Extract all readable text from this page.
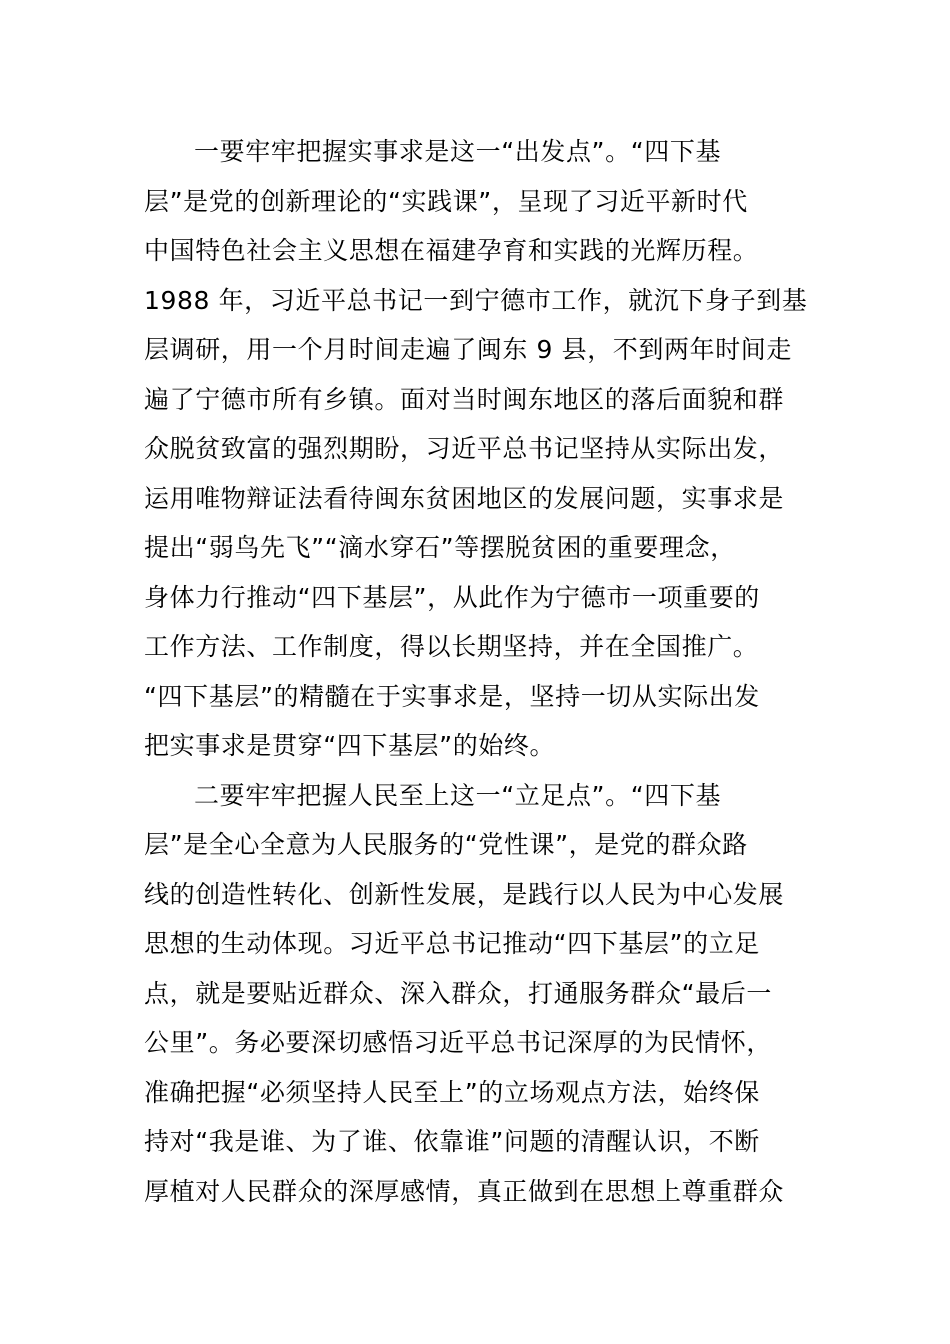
一要牢牢把握实事求是这一“出发点”。“四下基
层”是党的创新理论的“实践课”，呈现了习近平新时代
中国特色社会主义思想在福建孕育和实践的光辉历程。
1988 年，习近平总书记一到宁德市工作，就沉下身子到基
层调研，用一个月时间走遍了闽东 9 县，不到两年时间走
遍了宁德市所有乡镇。面对当时闽东地区的落后面貌和群
众脱贫致富的强烈期盼，习近平总书记坚持从实际出发，
运用唯物辩证法看待闽东贫困地区的发展问题，实事求是
提出“弱鸟先飞”“滴水穿石”等摆脱贫困的重要理念，
身体力行推动“四下基层”，从此作为宁德市一项重要的
工作方法、工作制度，得以长期坚持，并在全国推广。
“四下基层”的精髓在于实事求是，坚持一切从实际出发
把实事求是贯穿“四下基层”的始终。
二要牢牢把握人民至上这一“立足点”。“四下基
层”是全心全意为人民服务的“党性课”，是党的群众路
线的创造性转化、创新性发展，是践行以人民为中心发展
思想的生动体现。习近平总书记推动“四下基层”的立足
点，就是要贴近群众、深入群众，打通服务群众“最后一
公里”。务必要深切感悟习近平总书记深厚的为民情怀，
准确把握“必须坚持人民至上”的立场观点方法，始终保
持对“我是谁、为了谁、依靠谁”问题的清醒认识，不断
厚植对人民群众的深厚感情，真正做到在思想上尊重群众
